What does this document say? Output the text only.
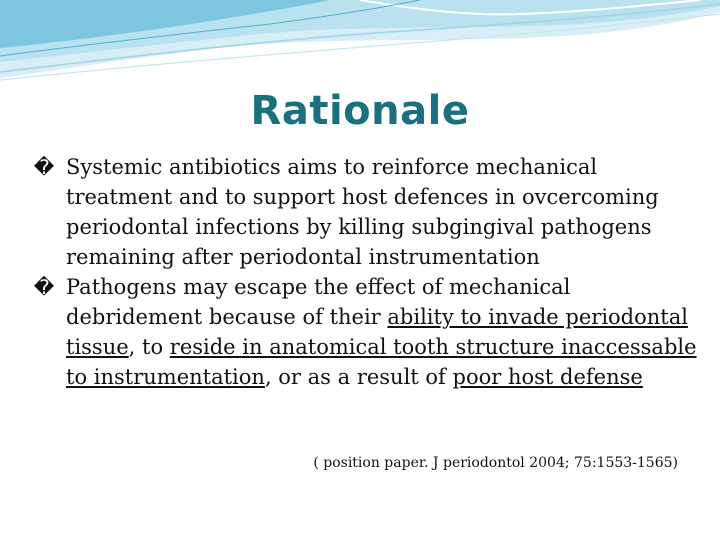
Rationale
� Systemic antibiotics aims to reinforce mechanical treatment and to support host defences in ovcercoming periodontal infections by killing subgingival pathogens remaining after periodontal instrumentation
� Pathogens may escape the effect of mechanical debridement because of their ability to invade periodontal tissue, to reside in anatomical tooth structure inaccessable to instrumentation, or as a result of poor host defense
( position paper. J periodontol 2004; 75:1553-1565)
